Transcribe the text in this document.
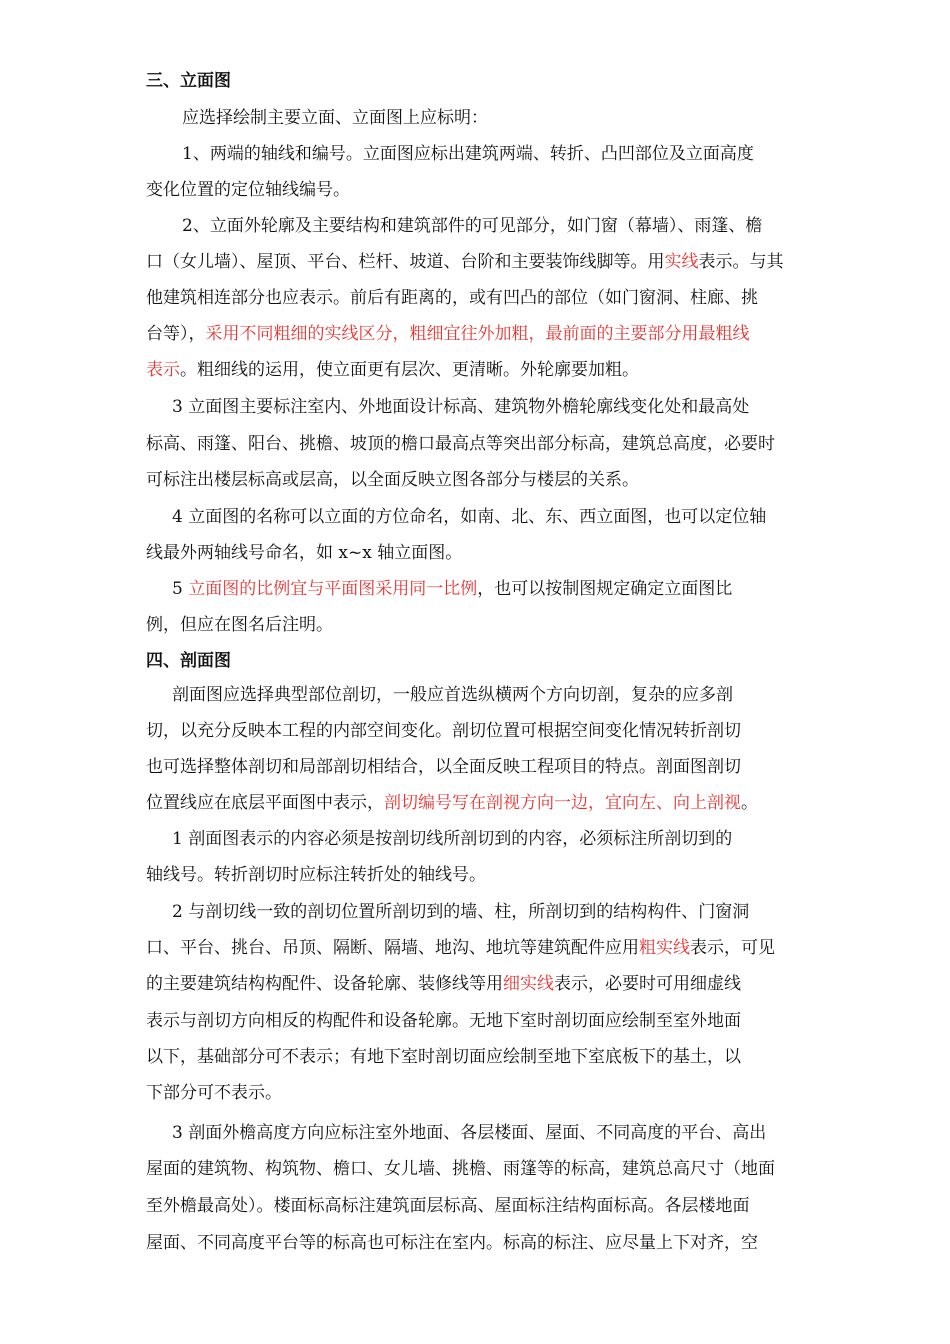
三、立面图

应选择绘制主要立面、立面图上应标明：

1、两端的轴线和编号。立面图应标出建筑两端、转折、凸凹部位及立面高度

变化位置的定位轴线编号。

2、立面外轮廓及主要结构和建筑部件的可见部分，如门窗（幕墙）、雨篷、檐

口（女儿墙）、屋顶、平台、栏杆、坡道、台阶和主要装饰线脚等。用实线表示。与其

他建筑相连部分也应表示。前后有距离的，或有凹凸的部位（如门窗洞、柱廊、挑

台等），采用不同粗细的实线区分，粗细宜往外加粗，最前面的主要部分用最粗线

表示。粗细线的运用，使立面更有层次、更清晰。外轮廓要加粗。

3 立面图主要标注室内、外地面设计标高、建筑物外檐轮廓线变化处和最高处

标高、雨篷、阳台、挑檐、坡顶的檐口最高点等突出部分标高，建筑总高度，必要时

可标注出楼层标高或层高，以全面反映立图各部分与楼层的关系。

4 立面图的名称可以立面的方位命名，如南、北、东、西立面图，也可以定位轴

线最外两轴线号命名，如 x~x 轴立面图。

5 立面图的比例宜与平面图采用同一比例，也可以按制图规定确定立面图比

例，但应在图名后注明。

四、剖面图

剖面图应选择典型部位剖切，一般应首选纵横两个方向切剖，复杂的应多剖

切，以充分反映本工程的内部空间变化。剖切位置可根据空间变化情况转折剖切

也可选择整体剖切和局部剖切相结合，以全面反映工程项目的特点。剖面图剖切

位置线应在底层平面图中表示，剖切编号写在剖视方向一边，宜向左、向上剖视。

1 剖面图表示的内容必须是按剖切线所剖切到的内容，必须标注所剖切到的

轴线号。转折剖切时应标注转折处的轴线号。

2 与剖切线一致的剖切位置所剖切到的墙、柱，所剖切到的结构构件、门窗洞

口、平台、挑台、吊顶、隔断、隔墙、地沟、地坑等建筑配件应用粗实线表示，可见

的主要建筑结构构配件、设备轮廓、装修线等用细实线表示，必要时可用细虚线

表示与剖切方向相反的构配件和设备轮廓。无地下室时剖切面应绘制至室外地面

以下，基础部分可不表示；有地下室时剖切面应绘制至地下室底板下的基土，以

下部分可不表示。

3 剖面外檐高度方向应标注室外地面、各层楼面、屋面、不同高度的平台、高出

屋面的建筑物、构筑物、檐口、女儿墙、挑檐、雨篷等的标高，建筑总高尺寸（地面

至外檐最高处）。楼面标高标注建筑面层标高、屋面标注结构面标高。各层楼地面

屋面、不同高度平台等的标高也可标注在室内。标高的标注、应尽量上下对齐，空
